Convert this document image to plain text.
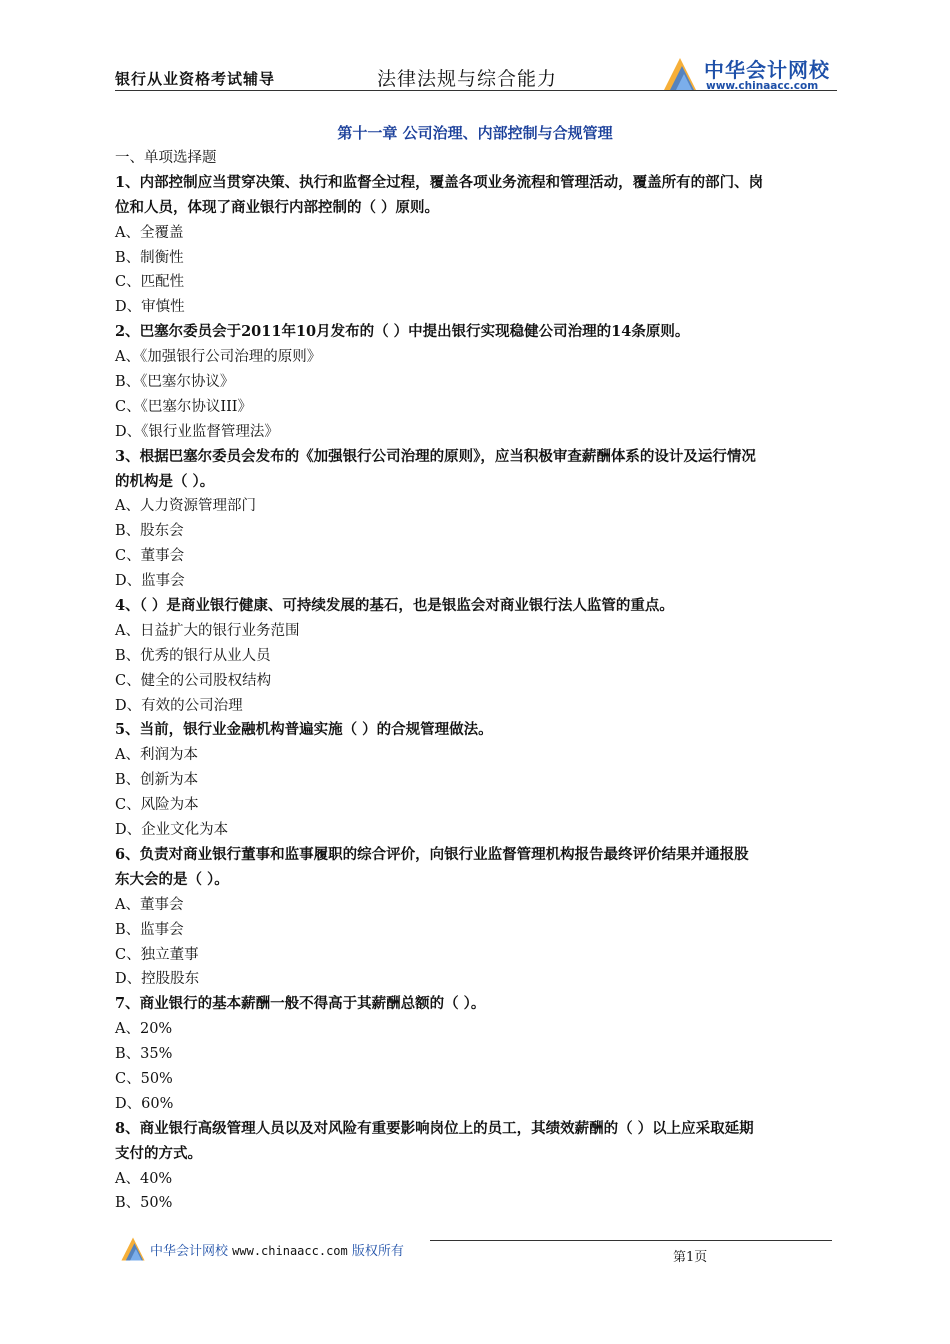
银行从业资格考试辅导	法律法规与综合能力	中华会计网校
www.chinaacc.com
第十一章 公司治理、内部控制与合规管理
一、单项选择题
1、内部控制应当贯穿决策、执行和监督全过程，覆盖各项业务流程和管理活动，覆盖所有的部门、岗
位和人员，体现了商业银行内部控制的（ ）原则。
A、全覆盖
B、制衡性
C、匹配性
D、审慎性
2、巴塞尔委员会于2011年10月发布的（ ）中提出银行实现稳健公司治理的14条原则。
A、《加强银行公司治理的原则》
B、《巴塞尔协议》
C、《巴塞尔协议III》
D、《银行业监督管理法》
3、根据巴塞尔委员会发布的《加强银行公司治理的原则》，应当积极审查薪酬体系的设计及运行情况
的机构是（ ）。
A、人力资源管理部门
B、股东会
C、董事会
D、监事会
4、（ ）是商业银行健康、可持续发展的基石，也是银监会对商业银行法人监管的重点。
A、日益扩大的银行业务范围
B、优秀的银行从业人员
C、健全的公司股权结构
D、有效的公司治理
5、当前，银行业金融机构普遍实施（ ）的合规管理做法。
A、利润为本
B、创新为本
C、风险为本
D、企业文化为本
6、负责对商业银行董事和监事履职的综合评价，向银行业监督管理机构报告最终评价结果并通报股
东大会的是（ ）。
A、董事会
B、监事会
C、独立董事
D、控股股东
7、商业银行的基本薪酬一般不得高于其薪酬总额的（ ）。
A、20%
B、35%
C、50%
D、60%
8、商业银行高级管理人员以及对风险有重要影响岗位上的员工，其绩效薪酬的（ ）以上应采取延期
支付的方式。
A、40%
B、50%
中华会计网校 www.chinaacc.com 版权所有	第1页
